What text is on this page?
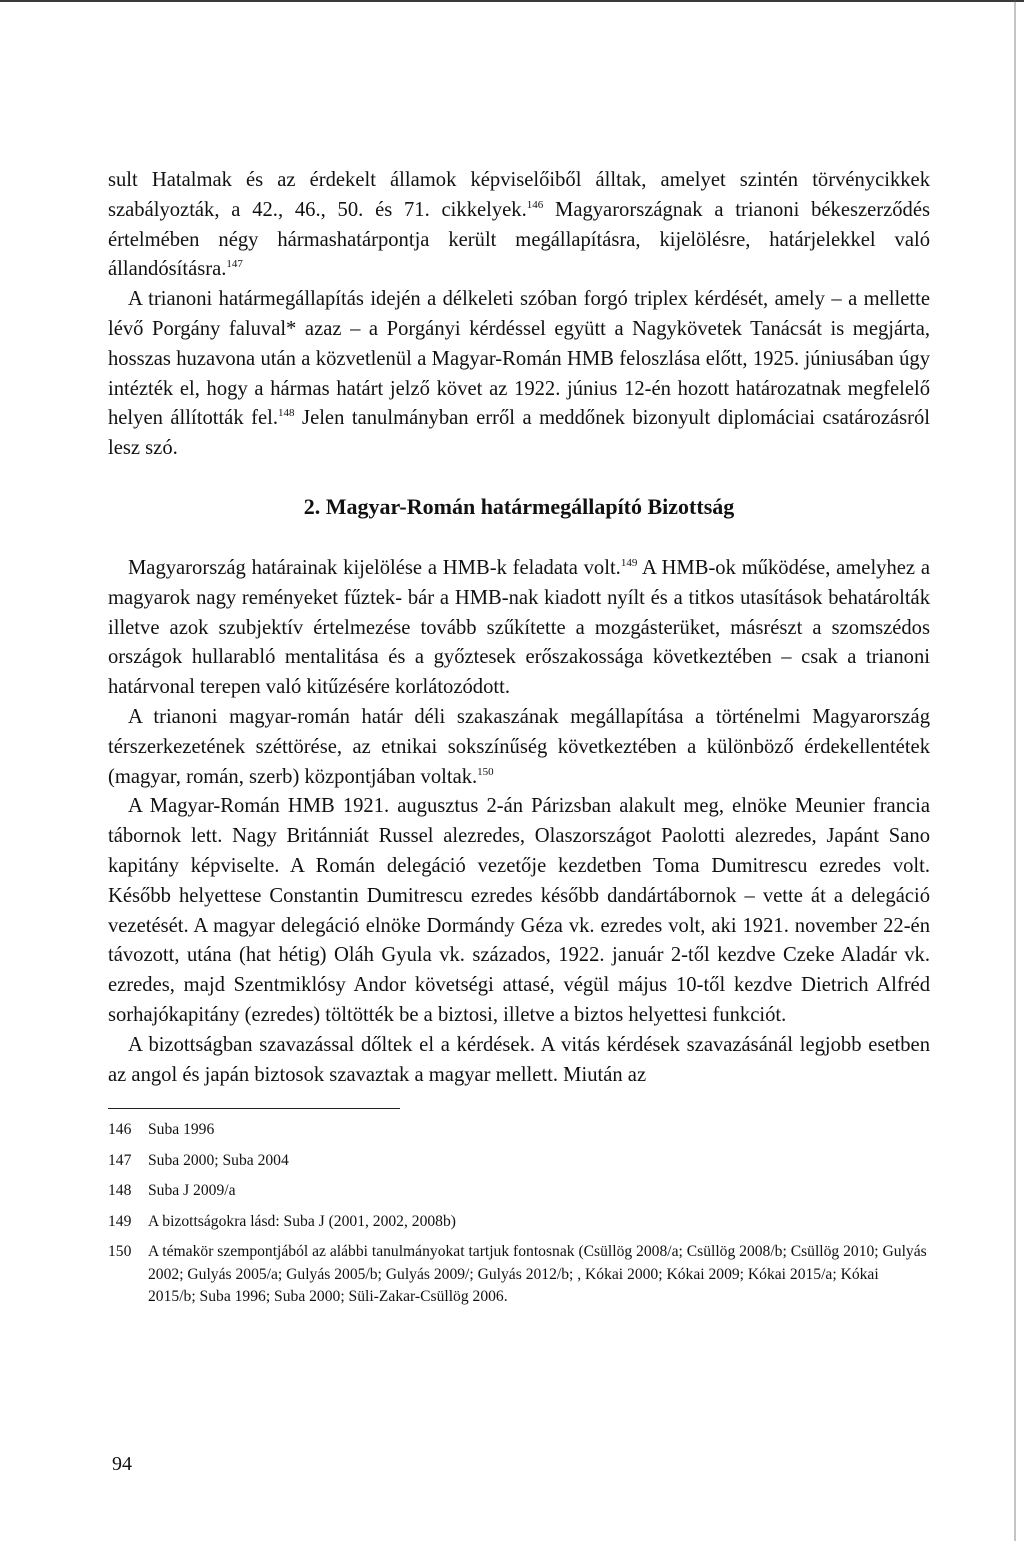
sult Hatalmak és az érdekelt államok képviselőiből álltak, amelyet szintén törvénycikkek szabályozták, a 42., 46., 50. és 71. cikkelyek.$^{146}$ Magyarországnak a trianoni békeszerződés értelmében négy hármashatárpontja került megállapításra, kijelölésre, határjelekkel való állandósításra.$^{147}$

A trianoni határmegállapítás idején a délkeleti szóban forgó triplex kérdését, amely – a mellette lévő Porgány faluval* azaz – a Porgányi kérdéssel együtt a Nagykövetek Tanácsát is megjárta, hosszas huzavona után a közvetlenül a Magyar-Román HMB feloszlása előtt, 1925. júniusában úgy intézték el, hogy a hármas határt jelző követ az 1922. június 12-én hozott határozatnak megfelelő helyen állították fel.$^{148}$ Jelen tanulmányban erről a meddőnek bizonyult diplomáciai csatározásról lesz szó.

2. Magyar-Román határmegállapító Bizottság

Magyarország határainak kijelölése a HMB-k feladata volt.$^{149}$ A HMB-ok működése, amelyhez a magyarok nagy reményeket fűztek- bár a HMB-nak kiadott nyílt és a titkos utasítások behatárolták illetve azok szubjektív értelmezése tovább szűkítette a mozgásterüket, másrészt a szomszédos országok hullarabló mentalitása és a győztesek erőszakossága következtében – csak a trianoni határvonal terepen való kitűzésére korlátozódott.

A trianoni magyar-román határ déli szakaszának megállapítása a történelmi Magyarország térszerkezetének széttörése, az etnikai sokszínűség következtében a különböző érdekellentétek (magyar, román, szerb) központjában voltak.$^{150}$

A Magyar-Román HMB 1921. augusztus 2-án Párizsban alakult meg, elnöke Meunier francia tábornok lett. Nagy Británniát Russel alezredes, Olaszországot Paolotti alezredes, Japánt Sano kapitány képviselte. A Román delegáció vezetője kezdetben Toma Dumitrescu ezredes volt. Később helyettese Constantin Dumitrescu ezredes később dandártábornok – vette át a delegáció vezetését. A magyar delegáció elnöke Dormándy Géza vk. ezredes volt, aki 1921. november 22-én távozott, utána (hat hétig) Oláh Gyula vk. százados, 1922. január 2-től kezdve Czeke Aladár vk. ezredes, majd Szentmiklósy Andor követségi attasé, végül május 10-től kezdve Dietrich Alfréd sorhajókapitány (ezredes) töltötték be a biztosi, illetve a biztos helyettesi funkciót.

A bizottságban szavazással dőltek el a kérdések. A vitás kérdések szavazásánál legjobb esetben az angol és japán biztosok szavaztak a magyar mellett. Miután az

146	Suba 1996
147	Suba 2000; Suba 2004
148	Suba J 2009/a
149	A bizottságokra lásd: Suba J (2001, 2002, 2008b)
150	A témakör szempontjából az alábbi tanulmányokat tartjuk fontosnak (Csüllög 2008/a; Csüllög 2008/b; Csüllög 2010; Gulyás 2002; Gulyás 2005/a; Gulyás 2005/b; Gulyás 2009/; Gulyás 2012/b; , Kókai 2000; Kókai 2009; Kókai 2015/a; Kókai 2015/b; Suba 1996; Suba 2000; Süli-Zakar-Csüllög 2006.
94
